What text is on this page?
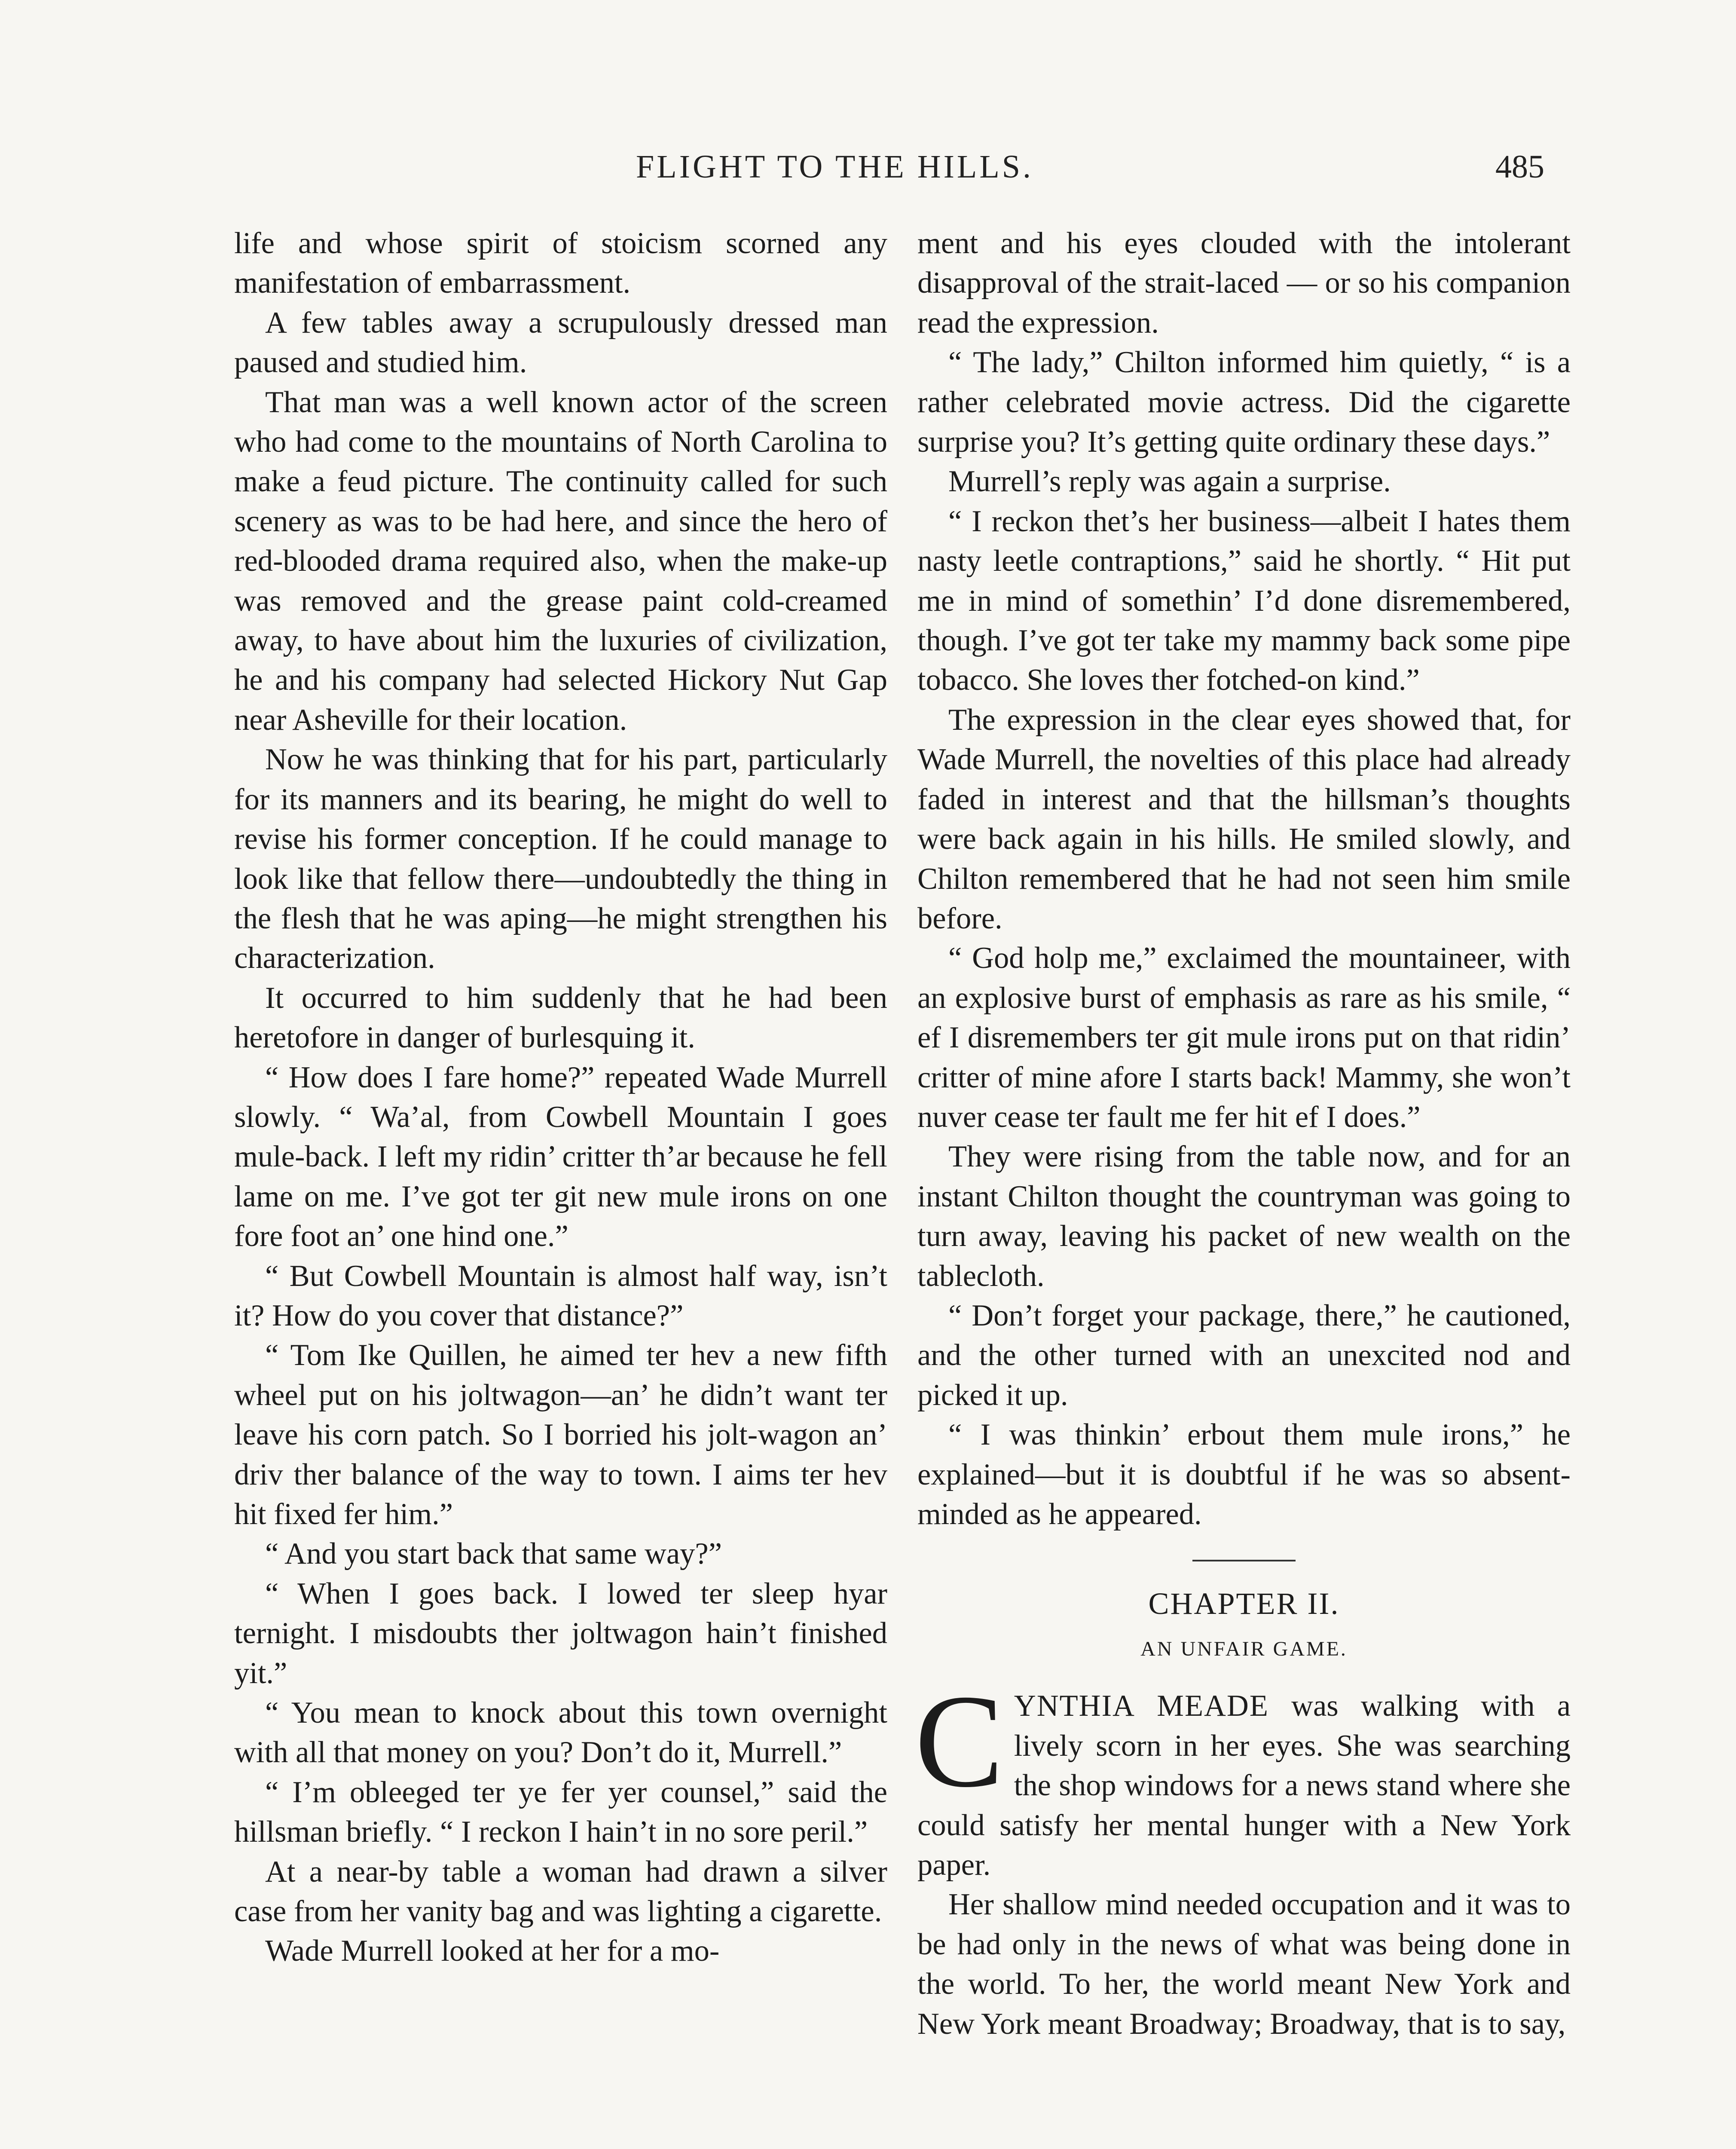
FLIGHT TO THE HILLS.	485

life and whose spirit of stoicism scorned any manifestation of embarrassment.

A few tables away a scrupulously dressed man paused and studied him.

That man was a well known actor of the screen who had come to the mountains of North Carolina to make a feud picture. The continuity called for such scenery as was to be had here, and since the hero of red-blooded drama required also, when the make-up was removed and the grease paint cold-creamed away, to have about him the luxuries of civilization, he and his company had selected Hickory Nut Gap near Asheville for their location.

Now he was thinking that for his part, particularly for its manners and its bearing, he might do well to revise his former conception. If he could manage to look like that fellow there—undoubtedly the thing in the flesh that he was aping—he might strengthen his characterization.

It occurred to him suddenly that he had been heretofore in danger of burlesquing it.

“ How does I fare home?” repeated Wade Murrell slowly. “ Wa’al, from Cowbell Mountain I goes mule-back. I left my ridin’ critter th’ar because he fell lame on me. I’ve got ter git new mule irons on one fore foot an’ one hind one.”

“ But Cowbell Mountain is almost half way, isn’t it? How do you cover that distance?”

“ Tom Ike Quillen, he aimed ter hev a new fifth wheel put on his joltwagon—an’ he didn’t want ter leave his corn patch. So I borried his jolt-wagon an’ driv ther balance of the way to town. I aims ter hev hit fixed fer him.”

“ And you start back that same way?”

“ When I goes back. I lowed ter sleep hyar ternight. I misdoubts ther joltwagon hain’t finished yit.”

“ You mean to knock about this town overnight with all that money on you? Don’t do it, Murrell.”

“ I’m obleeged ter ye fer yer counsel,” said the hillsman briefly. “ I reckon I hain’t in no sore peril.”

At a near-by table a woman had drawn a silver case from her vanity bag and was lighting a cigarette.

Wade Murrell looked at her for a mo-

ment and his eyes clouded with the intolerant disapproval of the strait-laced — or so his companion read the expression.

“ The lady,” Chilton informed him quietly, “ is a rather celebrated movie actress. Did the cigarette surprise you? It’s getting quite ordinary these days.”

Murrell’s reply was again a surprise.

“ I reckon thet’s her business—albeit I hates them nasty leetle contraptions,” said he shortly. “ Hit put me in mind of somethin’ I’d done disremembered, though. I’ve got ter take my mammy back some pipe tobacco. She loves ther fotched-on kind.”

The expression in the clear eyes showed that, for Wade Murrell, the novelties of this place had already faded in interest and that the hillsman’s thoughts were back again in his hills. He smiled slowly, and Chilton remembered that he had not seen him smile before.

“ God holp me,” exclaimed the mountaineer, with an explosive burst of emphasis as rare as his smile, “ ef I disremembers ter git mule irons put on that ridin’ critter of mine afore I starts back! Mammy, she won’t nuver cease ter fault me fer hit ef I does.”

They were rising from the table now, and for an instant Chilton thought the countryman was going to turn away, leaving his packet of new wealth on the tablecloth.

“ Don’t forget your package, there,” he cautioned, and the other turned with an unexcited nod and picked it up.

“ I was thinkin’ erbout them mule irons,” he explained—but it is doubtful if he was so absent-minded as he appeared.

CHAPTER II.
AN UNFAIR GAME.

CYNTHIA MEADE was walking with a lively scorn in her eyes. She was searching the shop windows for a news stand where she could satisfy her mental hunger with a New York paper.

Her shallow mind needed occupation and it was to be had only in the news of what was being done in the world. To her, the world meant New York and New York meant Broadway; Broadway, that is to say,
